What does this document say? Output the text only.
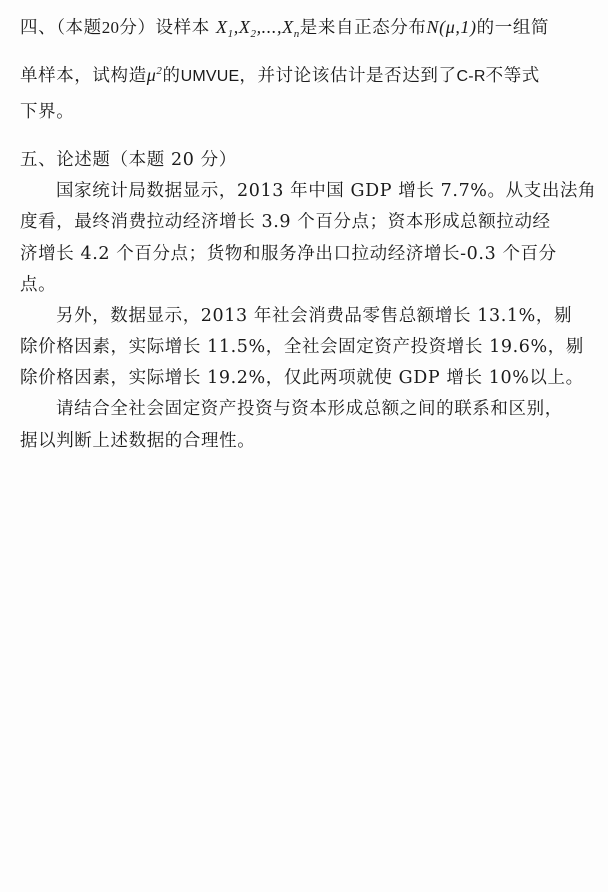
四、（本题20分）设样本 $X_1,X_2,...,X_n$是来自正态分布N(μ,1)的一组简
单样本，试构造$\mu^2$的UMVUE，并讨论该估计是否达到了C-R不等式
下界。
五、论述题（本题 20 分）
国家统计局数据显示，2013 年中国 GDP 增长 7.7%。从支出法角
度看，最终消费拉动经济增长 3.9 个百分点；资本形成总额拉动经
济增长 4.2 个百分点；货物和服务净出口拉动经济增长-0.3 个百分
点。
另外，数据显示，2013 年社会消费品零售总额增长 13.1%，剔
除价格因素，实际增长 11.5%，全社会固定资产投资增长 19.6%，剔
除价格因素，实际增长 19.2%，仅此两项就使 GDP 增长 10%以上。
请结合全社会固定资产投资与资本形成总额之间的联系和区别，
据以判断上述数据的合理性。
